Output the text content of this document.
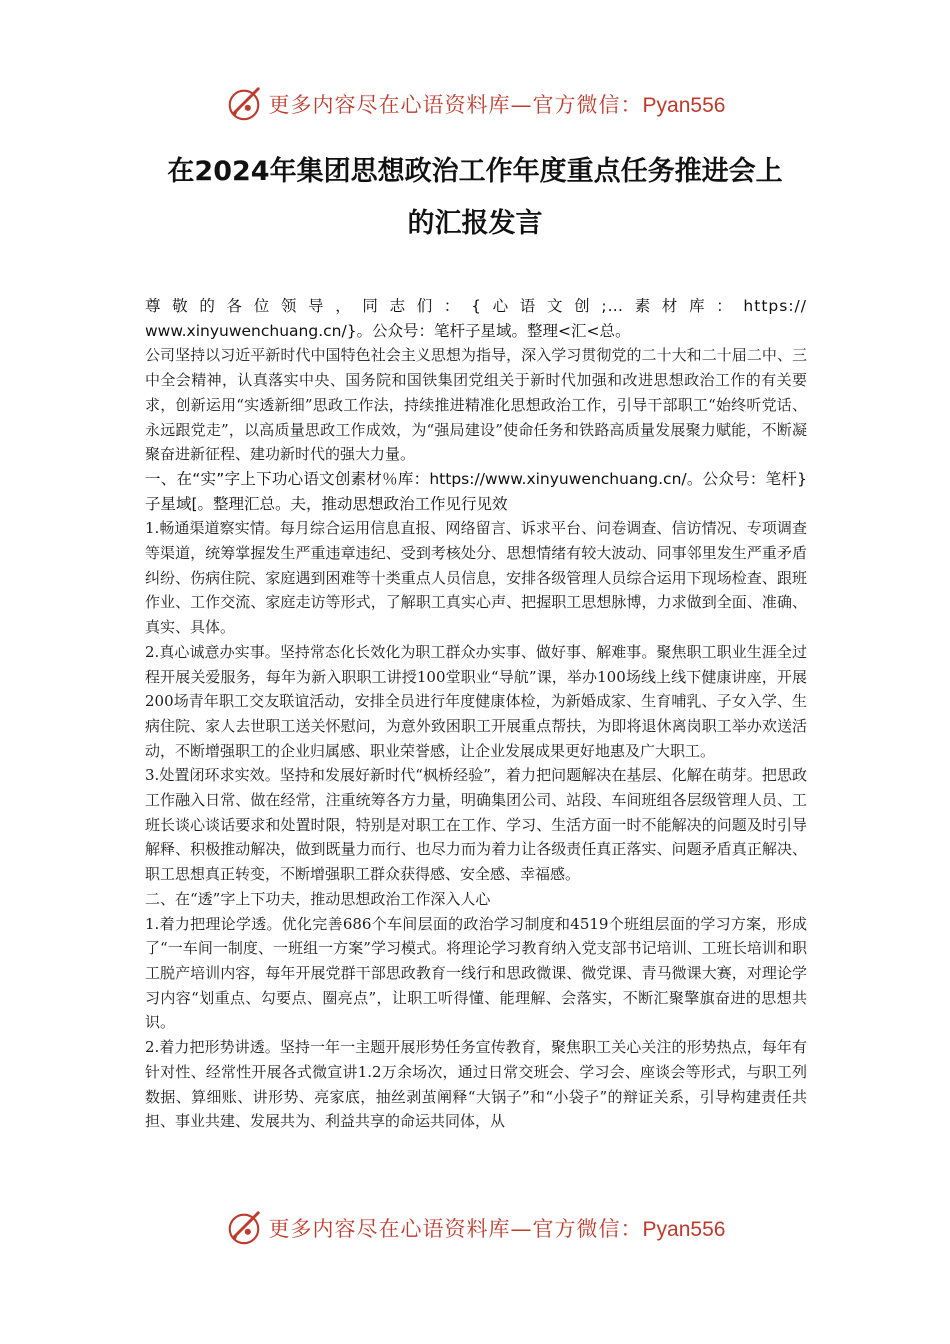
更多内容尽在心语资料库—官方微信：Pyan556
在2024年集团思想政治工作年度重点任务推进会上
的汇报发言

尊敬的各位领导，同志们：{心语文创;…素材库：https://

www.xinyuwenchuang.cn/}。公众号：笔杆子星域。整理<汇<总。

公司坚持以习近平新时代中国特色社会主义思想为指导，深入学习贯彻党的二十大和二十届二中、三中全会精神，认真落实中央、国务院和国铁集团党组关于新时代加强和改进思想政治工作的有关要求，创新运用“实透新细”思政工作法，持续推进精准化思想政治工作，引导干部职工“始终听党话、永远跟党走”，以高质量思政工作成效，为“强局建设”使命任务和铁路高质量发展聚力赋能，不断凝聚奋进新征程、建功新时代的强大力量。

一、在“实”字上下功心语文创素材％库：https://www.xinyuwenchuang.cn/。公众号：笔杆}子星域[。整理汇总。夫，推动思想政治工作见行见效

1.畅通渠道察实情。每月综合运用信息直报、网络留言、诉求平台、问卷调查、信访情况、专项调查等渠道，统筹掌握发生严重违章违纪、受到考核处分、思想情绪有较大波动、同事邻里发生严重矛盾纠纷、伤病住院、家庭遇到困难等十类重点人员信息，安排各级管理人员综合运用下现场检查、跟班作业、工作交流、家庭走访等形式，了解职工真实心声、把握职工思想脉博，力求做到全面、准确、真实、具体。

2.真心诚意办实事。坚持常态化长效化为职工群众办实事、做好事、解难事。聚焦职工职业生涯全过程开展关爱服务，每年为新入职职工讲授100堂职业“导航”课，举办100场线上线下健康讲座，开展200场青年职工交友联谊活动，安排全员进行年度健康体检，为新婚成家、生育哺乳、子女入学、生病住院、家人去世职工送关怀慰问，为意外致困职工开展重点帮扶，为即将退休离岗职工举办欢送活动，不断增强职工的企业归属感、职业荣誉感，让企业发展成果更好地惠及广大职工。

3.处置闭环求实效。坚持和发展好新时代“枫桥经验”，着力把问题解决在基层、化解在萌芽。把思政工作融入日常、做在经常，注重统筹各方力量，明确集团公司、站段、车间班组各层级管理人员、工班长谈心谈话要求和处置时限，特别是对职工在工作、学习、生活方面一时不能解决的问题及时引导解释、积极推动解决，做到既量力而行、也尽力而为着力让各级责任真正落实、问题矛盾真正解决、职工思想真正转变，不断增强职工群众获得感、安全感、幸福感。

二、在“透”字上下功夫，推动思想政治工作深入人心

1.着力把理论学透。优化完善686个车间层面的政治学习制度和4519个班组层面的学习方案，形成了“一车间一制度、一班组一方案”学习模式。将理论学习教育纳入党支部书记培训、工班长培训和职工脱产培训内容，每年开展党群干部思政教育一线行和思政微课、微党课、青马微课大赛，对理论学习内容“划重点、勾要点、圈亮点”，让职工听得懂、能理解、会落实，不断汇聚擎旗奋进的思想共识。

2.着力把形势讲透。坚持一年一主题开展形势任务宣传教育，聚焦职工关心关注的形势热点，每年有针对性、经常性开展各式微宣讲1.2万余场次，通过日常交班会、学习会、座谈会等形式，与职工列数据、算细账、讲形势、亮家底，抽丝剥茧阐释“大锅子”和“小袋子”的辩证关系，引导构建责任共担、事业共建、发展共为、利益共享的命运共同体，从

更多内容尽在心语资料库—官方微信：Pyan556
